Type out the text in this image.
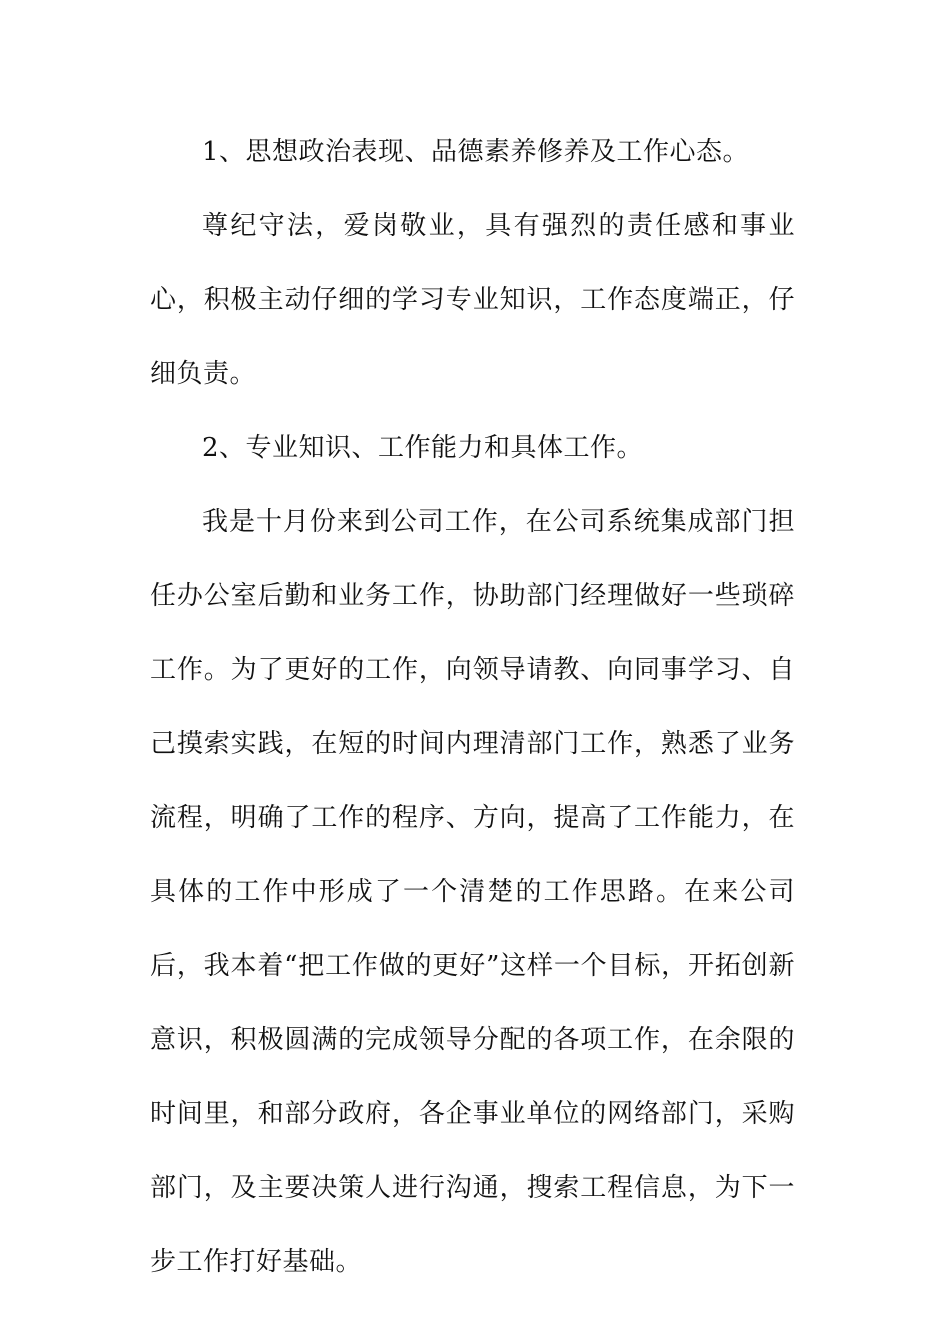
1、思想政治表现、品德素养修养及工作心态。

尊纪守法，爱岗敬业，具有强烈的责任感和事业心，积极主动仔细的学习专业知识，工作态度端正，仔细负责。

2、专业知识、工作能力和具体工作。

我是十月份来到公司工作，在公司系统集成部门担任办公室后勤和业务工作，协助部门经理做好一些琐碎工作。为了更好的工作，向领导请教、向同事学习、自己摸索实践，在短的时间内理清部门工作，熟悉了业务流程，明确了工作的程序、方向，提高了工作能力，在具体的工作中形成了一个清楚的工作思路。在来公司后，我本着“把工作做的更好”这样一个目标，开拓创新意识，积极圆满的完成领导分配的各项工作，在余限的时间里，和部分政府，各企事业单位的网络部门，采购部门，及主要决策人进行沟通，搜索工程信息，为下一步工作打好基础。
